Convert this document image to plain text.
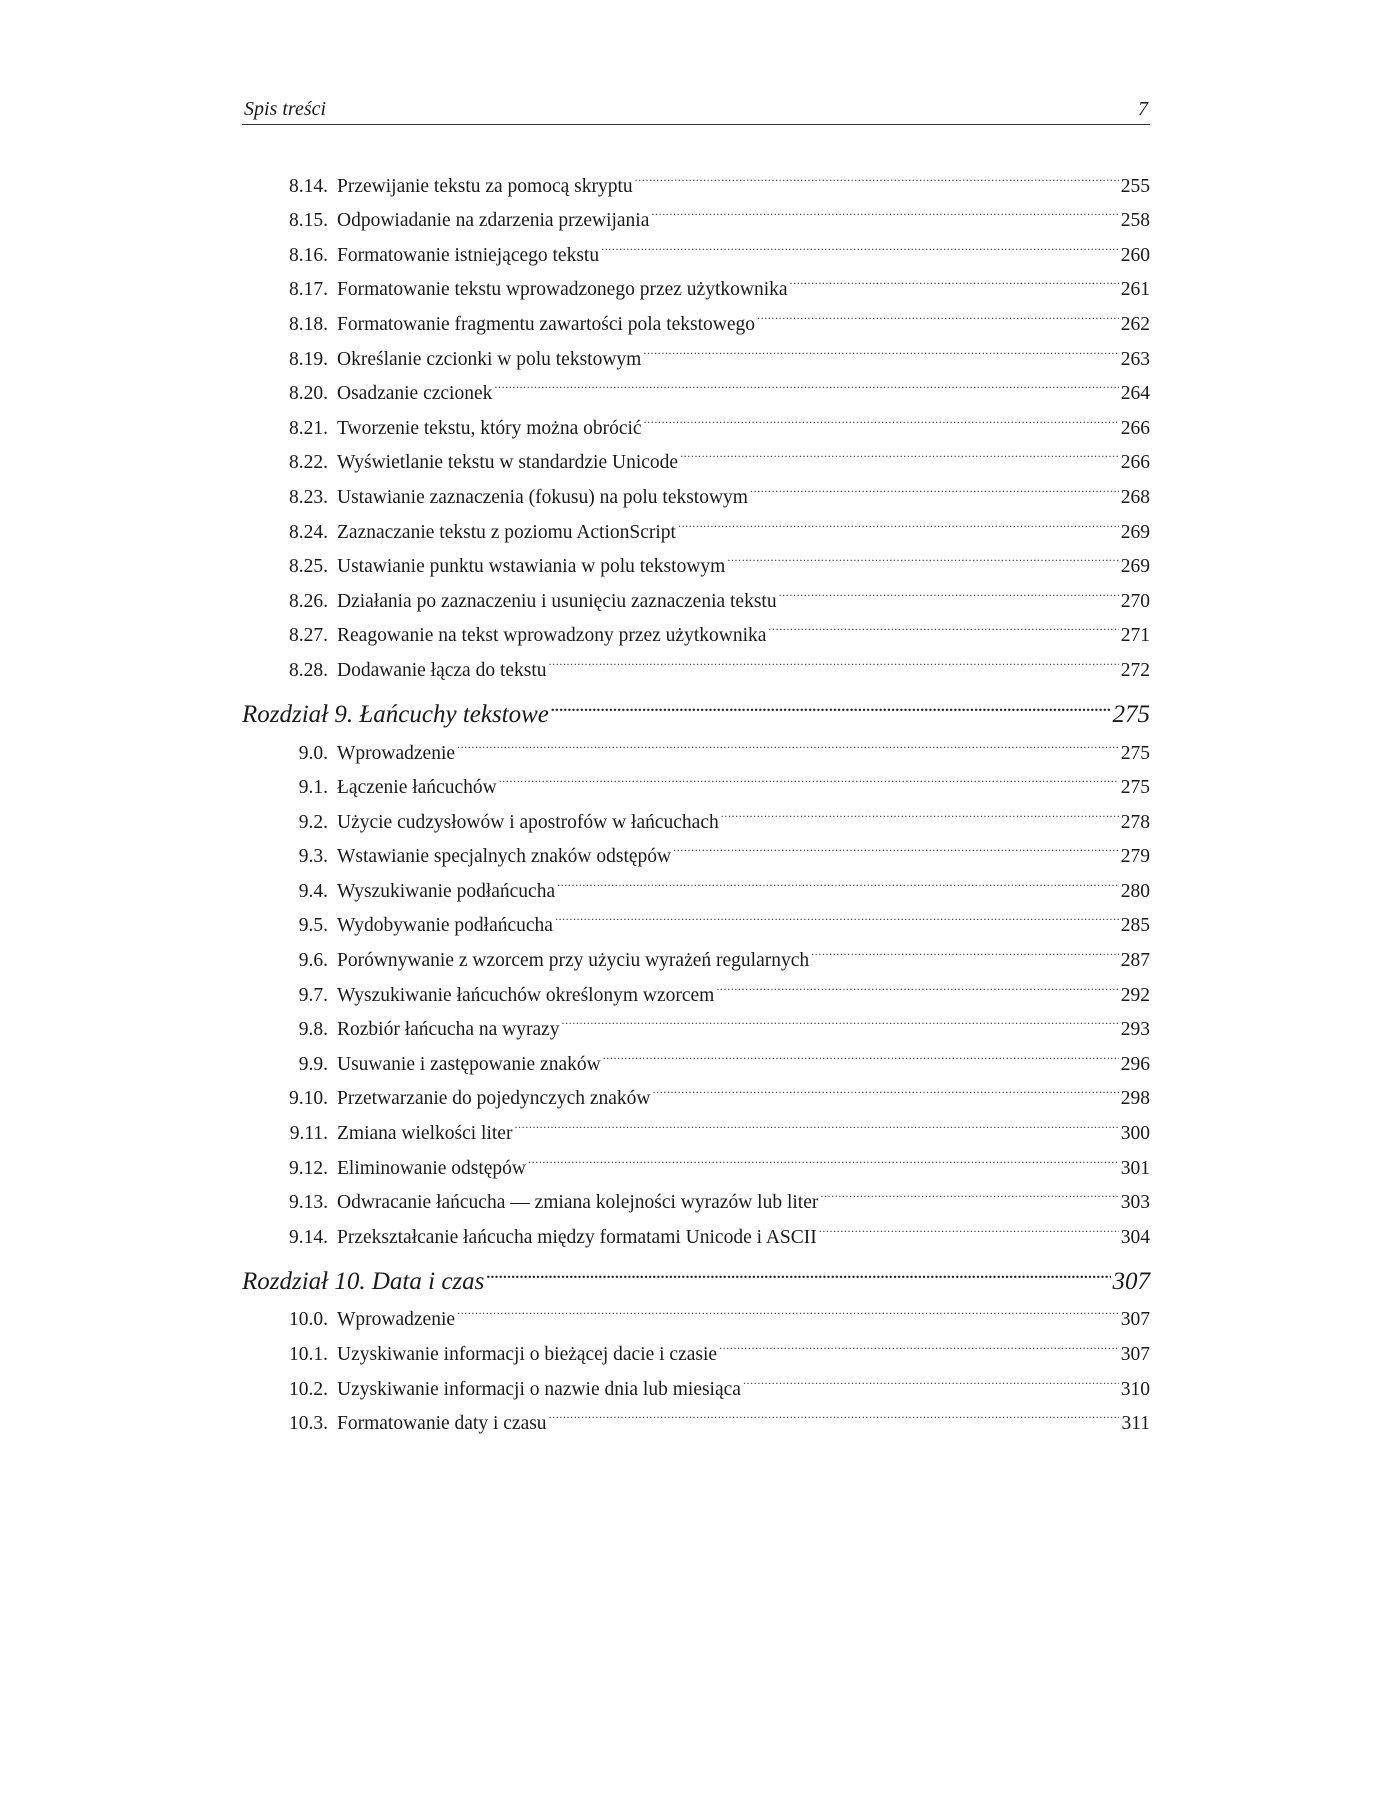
Spis treści	7
8.14. Przewijanie tekstu za pomocą skryptu .....	255
8.15. Odpowiadanie na zdarzenia przewijania .....	258
8.16. Formatowanie istniejącego tekstu .....	260
8.17. Formatowanie tekstu wprowadzonego przez użytkownika .....	261
8.18. Formatowanie fragmentu zawartości pola tekstowego .....	262
8.19. Określanie czcionki w polu tekstowym .....	263
8.20. Osadzanie czcionek .....	264
8.21. Tworzenie tekstu, który można obrócić .....	266
8.22. Wyświetlanie tekstu w standardzie Unicode .....	266
8.23. Ustawianie zaznaczenia (fokusu) na polu tekstowym .....	268
8.24. Zaznaczanie tekstu z poziomu ActionScript .....	269
8.25. Ustawianie punktu wstawiania w polu tekstowym .....	269
8.26. Działania po zaznaczeniu i usunięciu zaznaczenia tekstu .....	270
8.27. Reagowanie na tekst wprowadzony przez użytkownika .....	271
8.28. Dodawanie łącza do tekstu .....	272
Rozdział 9. Łańcuchy tekstowe .....	275
9.0. Wprowadzenie .....	275
9.1. Łączenie łańcuchów .....	275
9.2. Użycie cudzysłowów i apostrofów w łańcuchach .....	278
9.3. Wstawianie specjalnych znaków odstępów .....	279
9.4. Wyszukiwanie podłańcucha .....	280
9.5. Wydobywanie podłańcucha .....	285
9.6. Porównywanie z wzorcem przy użyciu wyrażeń regularnych .....	287
9.7. Wyszukiwanie łańcuchów określonym wzorcem .....	292
9.8. Rozbiór łańcucha na wyrazy .....	293
9.9. Usuwanie i zastępowanie znaków .....	296
9.10. Przetwarzanie do pojedynczych znaków .....	298
9.11. Zmiana wielkości liter .....	300
9.12. Eliminowanie odstępów .....	301
9.13. Odwracanie łańcucha — zmiana kolejności wyrazów lub liter .....	303
9.14. Przekształcanie łańcucha między formatami Unicode i ASCII .....	304
Rozdział 10. Data i czas .....	307
10.0. Wprowadzenie .....	307
10.1. Uzyskiwanie informacji o bieżącej dacie i czasie .....	307
10.2. Uzyskiwanie informacji o nazwie dnia lub miesiąca .....	310
10.3. Formatowanie daty i czasu .....	311
